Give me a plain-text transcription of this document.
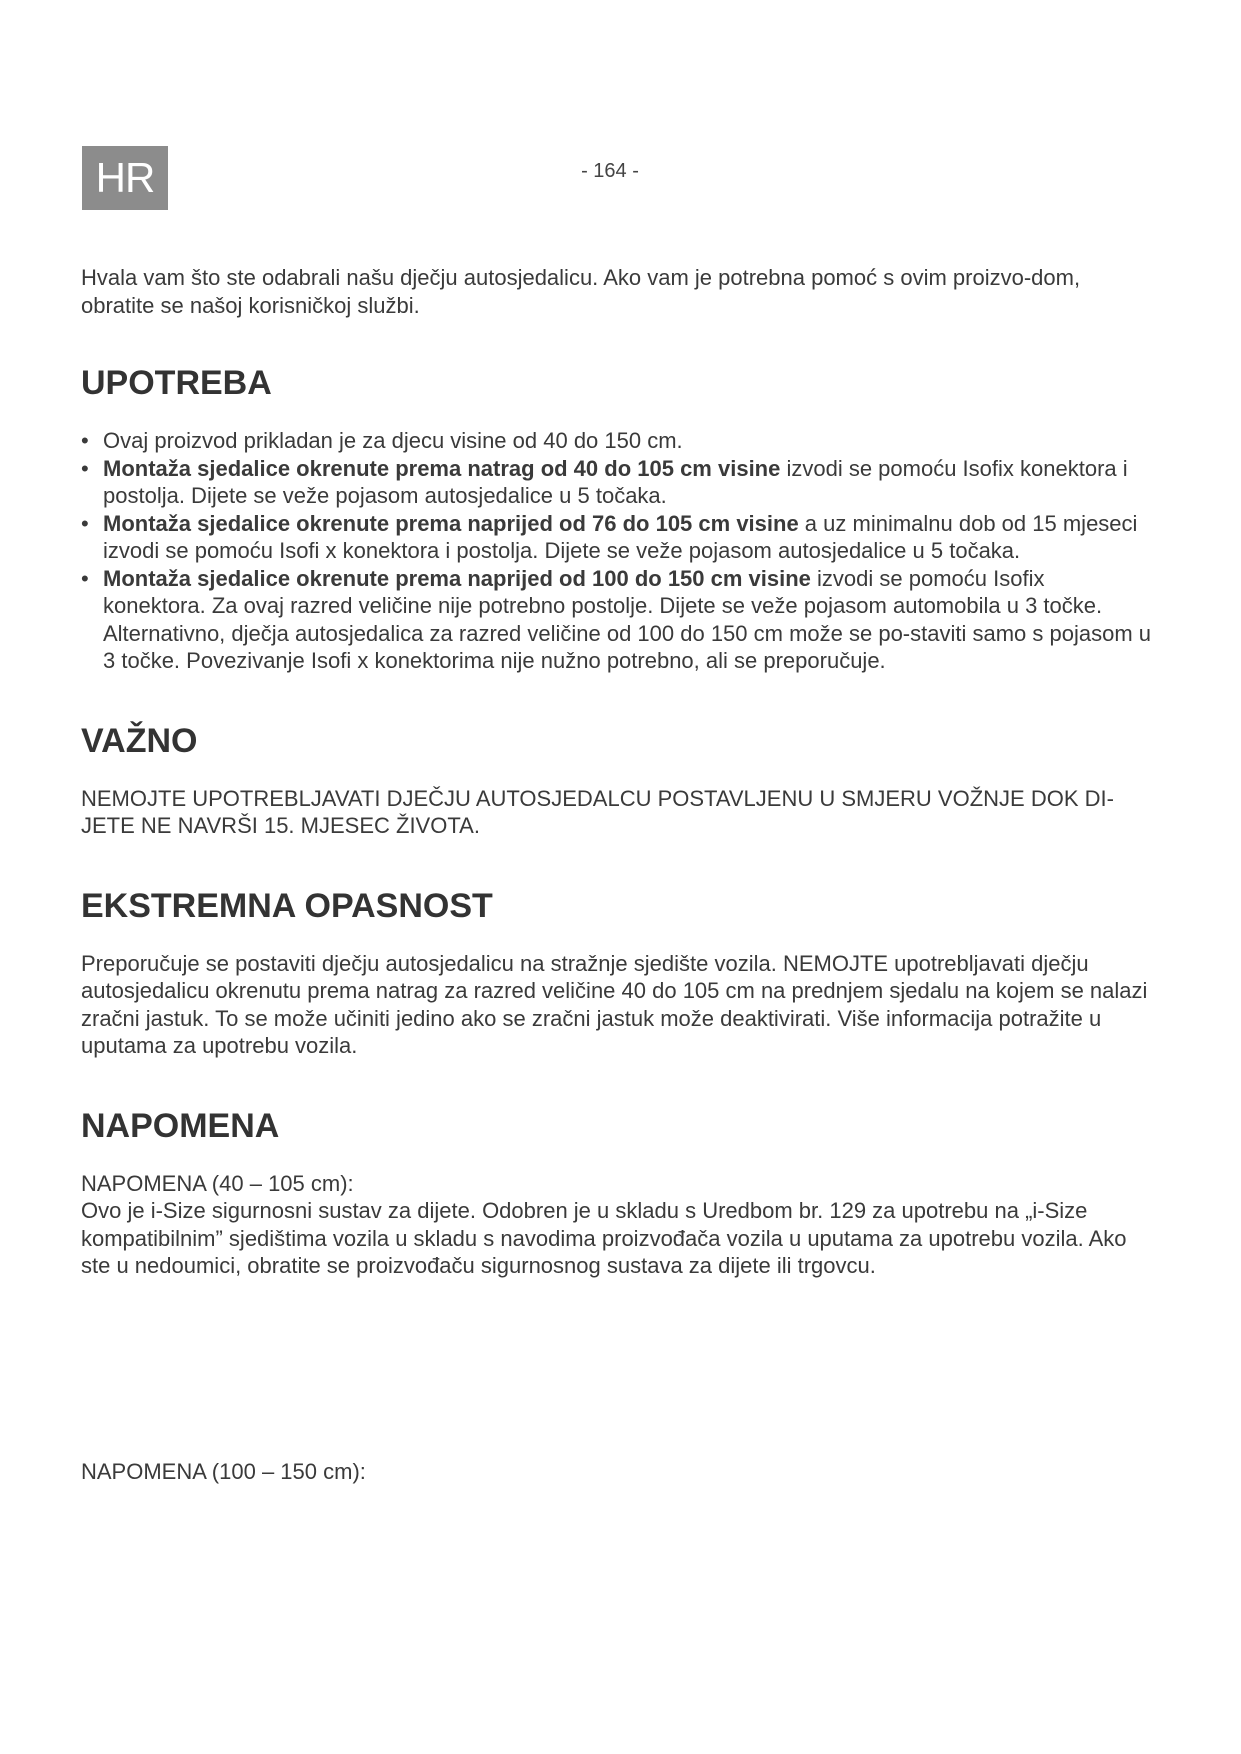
HR	- 164 -

Hvala vam što ste odabrali našu dječju autosjedalicu. Ako vam je potrebna pomoć s ovim proizvo-dom, obratite se našoj korisničkoj službi.

UPOTREBA
• Ovaj proizvod prikladan je za djecu visine od 40 do 150 cm.
• Montaža sjedalice okrenute prema natrag od 40 do 105 cm visine izvodi se pomoću Isofix konektora i postolja. Dijete se veže pojasom autosjedalice u 5 točaka.
• Montaža sjedalice okrenute prema naprijed od 76 do 105 cm visine a uz minimalnu dob od 15 mjeseci izvodi se pomoću Isofi x konektora i postolja. Dijete se veže pojasom autosjedalice u 5 točaka.
• Montaža sjedalice okrenute prema naprijed od 100 do 150 cm visine izvodi se pomoću Isofix konektora. Za ovaj razred veličine nije potrebno postolje. Dijete se veže pojasom automobila u 3 točke. Alternativno, dječja autosjedalica za razred veličine od 100 do 150 cm može se po-staviti samo s pojasom u 3 točke. Povezivanje Isofi x konektorima nije nužno potrebno, ali se preporučuje.
VAŽNO

NEMOJTE UPOTREBLJAVATI DJEČJU AUTOSJEDALCU POSTAVLJENU U SMJERU VOŽNJE DOK DI-JETE NE NAVRŠI 15. MJESEC ŽIVOTA.

EKSTREMNA OPASNOST

Preporučuje se postaviti dječju autosjedalicu na stražnje sjedište vozila. NEMOJTE upotrebljavati dječju autosjedalicu okrenutu prema natrag za razred veličine 40 do 105 cm na prednjem sjedalu na kojem se nalazi zračni jastuk. To se može učiniti jedino ako se zračni jastuk može deaktivirati. Više informacija potražite u uputama za upotrebu vozila.

NAPOMENA

NAPOMENA (40 – 105 cm):

Ovo je i-Size sigurnosni sustav za dijete. Odobren je u skladu s Uredbom br. 129 za upotrebu na „i-Size kompatibilnim” sjedištima vozila u skladu s navodima proizvođača vozila u uputama za upotrebu vozila. Ako ste u nedoumici, obratite se proizvođaču sigurnosnog sustava za dijete ili trgovcu.

NAPOMENA (100 – 150 cm):
